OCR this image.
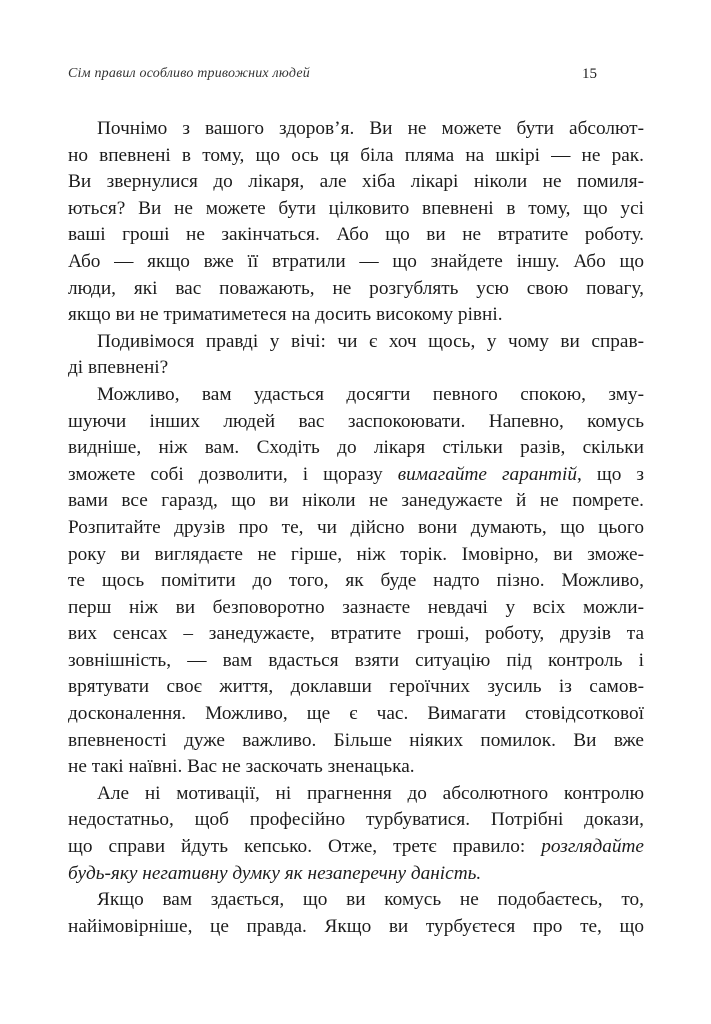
Сім правил особливо тривожних людей	15
Почнімо з вашого здоров’я. Ви не можете бути абсолют-
но впевнені в тому, що ось ця біла пляма на шкірі — не рак.
Ви звернулися до лікаря, але хіба лікарі ніколи не помиля-
ються? Ви не можете бути цілковито впевнені в тому, що усі
ваші гроші не закінчаться. Або що ви не втратите роботу.
Або — якщо вже її втратили — що знайдете іншу. Або що
люди, які вас поважають, не розгублять усю свою повагу,
якщо ви не триматиметеся на досить високому рівні.
Подивімося правді у вічі: чи є хоч щось, у чому ви справ-
ді впевнені?
Можливо, вам удасться досягти певного спокою, зму-
шуючи інших людей вас заспокоювати. Напевно, комусь
видніше, ніж вам. Сходіть до лікаря стільки разів, скільки
зможете собі дозволити, і щоразу вимагайте гарантій, що з
вами все гаразд, що ви ніколи не занедужаєте й не помрете.
Розпитайте друзів про те, чи дійсно вони думають, що цього
року ви виглядаєте не гірше, ніж торік. Імовірно, ви зможе-
те щось помітити до того, як буде надто пізно. Можливо,
перш ніж ви безповоротно зазнаєте невдачі у всіх можли-
вих сенсах – занедужаєте, втратите гроші, роботу, друзів та
зовнішність, — вам вдасться взяти ситуацію під контроль і
врятувати своє життя, доклавши героїчних зусиль із самов-
досконалення. Можливо, ще є час. Вимагати стовідсоткової
впевненості дуже важливо. Більше ніяких помилок. Ви вже
не такі наївні. Вас не заскочать зненацька.
Але ні мотивації, ні прагнення до абсолютного контролю
недостатньо, щоб професійно турбуватися. Потрібні докази,
що справи йдуть кепсько. Отже, третє правило: розглядайте
будь-яку негативну думку як незаперечну даність.
Якщо вам здається, що ви комусь не подобаєтесь, то,
найімовірніше, це правда. Якщо ви турбуєтеся про те, що
